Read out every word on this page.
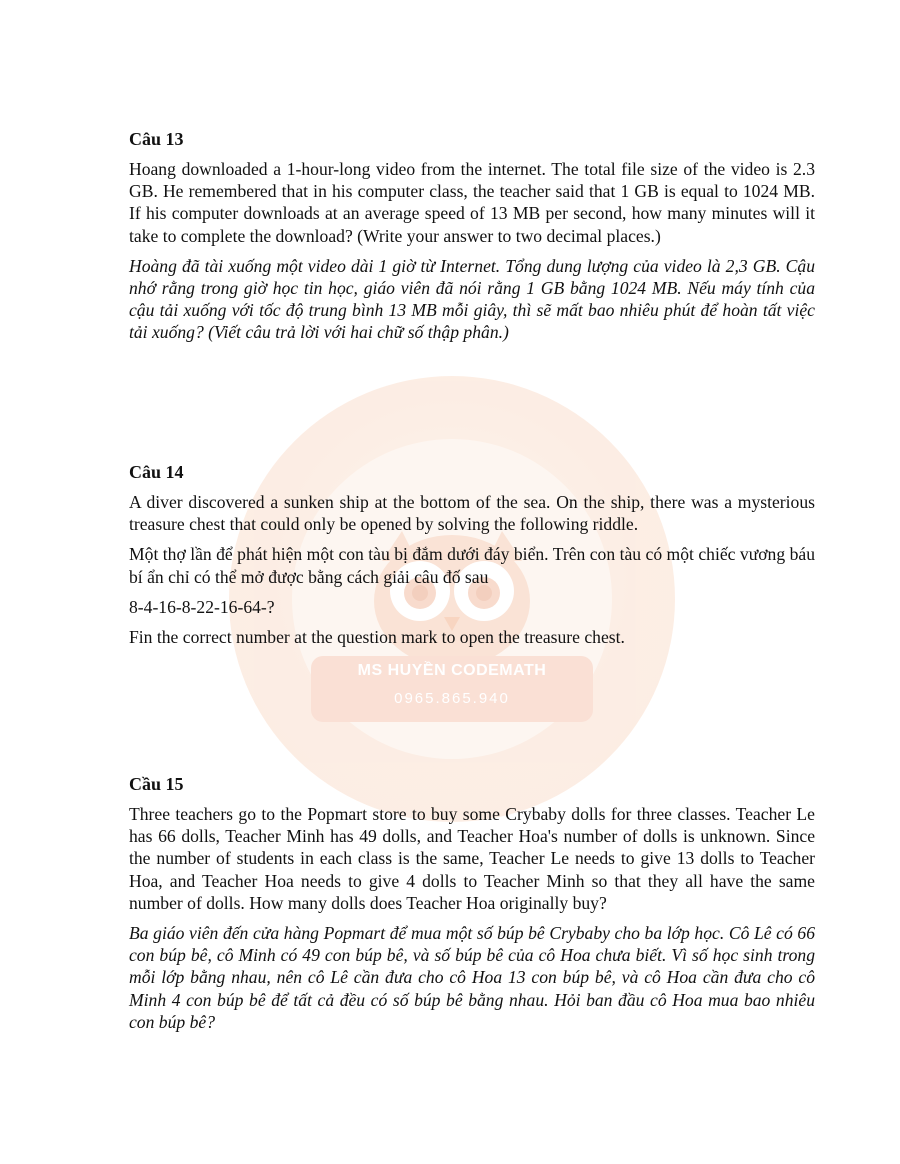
MS HUYỀN CODEMATH
0965.865.940
Câu 13

Hoang downloaded a 1-hour-long video from the internet. The total file size of the video is 2.3 GB. He remembered that in his computer class, the teacher said that 1 GB is equal to 1024 MB. If his computer downloads at an average speed of 13 MB per second, how many minutes will it take to complete the download? (Write your answer to two decimal places.)

Hoàng đã tài xuống một video dài 1 giờ từ Internet. Tổng dung lượng của video là 2,3 GB. Cậu nhớ rằng trong giờ học tin học, giáo viên đã nói rằng 1 GB bằng 1024 MB. Nếu máy tính của cậu tải xuống với tốc độ trung bình 13 MB mỗi giây, thì sẽ mất bao nhiêu phút để hoàn tất việc tải xuống? (Viết câu trả lời với hai chữ số thập phân.)

Câu 14

A diver discovered a sunken ship at the bottom of the sea. On the ship, there was a mysterious treasure chest that could only be opened by solving the following riddle.

Một thợ lần để phát hiện một con tàu bị đắm dưới đáy biển. Trên con tàu có một chiếc vương báu bí ẩn chỉ có thể mở được bằng cách giải câu đố sau

8-4-16-8-22-16-64-?

Fin the correct number at the question mark to open the treasure chest.

Cầu 15

Three teachers go to the Popmart store to buy some Crybaby dolls for three classes. Teacher Le has 66 dolls, Teacher Minh has 49 dolls, and Teacher Hoa's number of dolls is unknown. Since the number of students in each class is the same, Teacher Le needs to give 13 dolls to Teacher Hoa, and Teacher Hoa needs to give 4 dolls to Teacher Minh so that they all have the same number of dolls. How many dolls does Teacher Hoa originally buy?

Ba giáo viên đến cửa hàng Popmart để mua một số búp bê Crybaby cho ba lớp học. Cô Lê có 66 con búp bê, cô Minh có 49 con búp bê, và số búp bê của cô Hoa chưa biết. Vì số học sinh trong mỗi lớp bằng nhau, nên cô Lê cần đưa cho cô Hoa 13 con búp bê, và cô Hoa cần đưa cho cô Minh 4 con búp bê để tất cả đều có số búp bê bằng nhau. Hỏi ban đầu cô Hoa mua bao nhiêu con búp bê?
